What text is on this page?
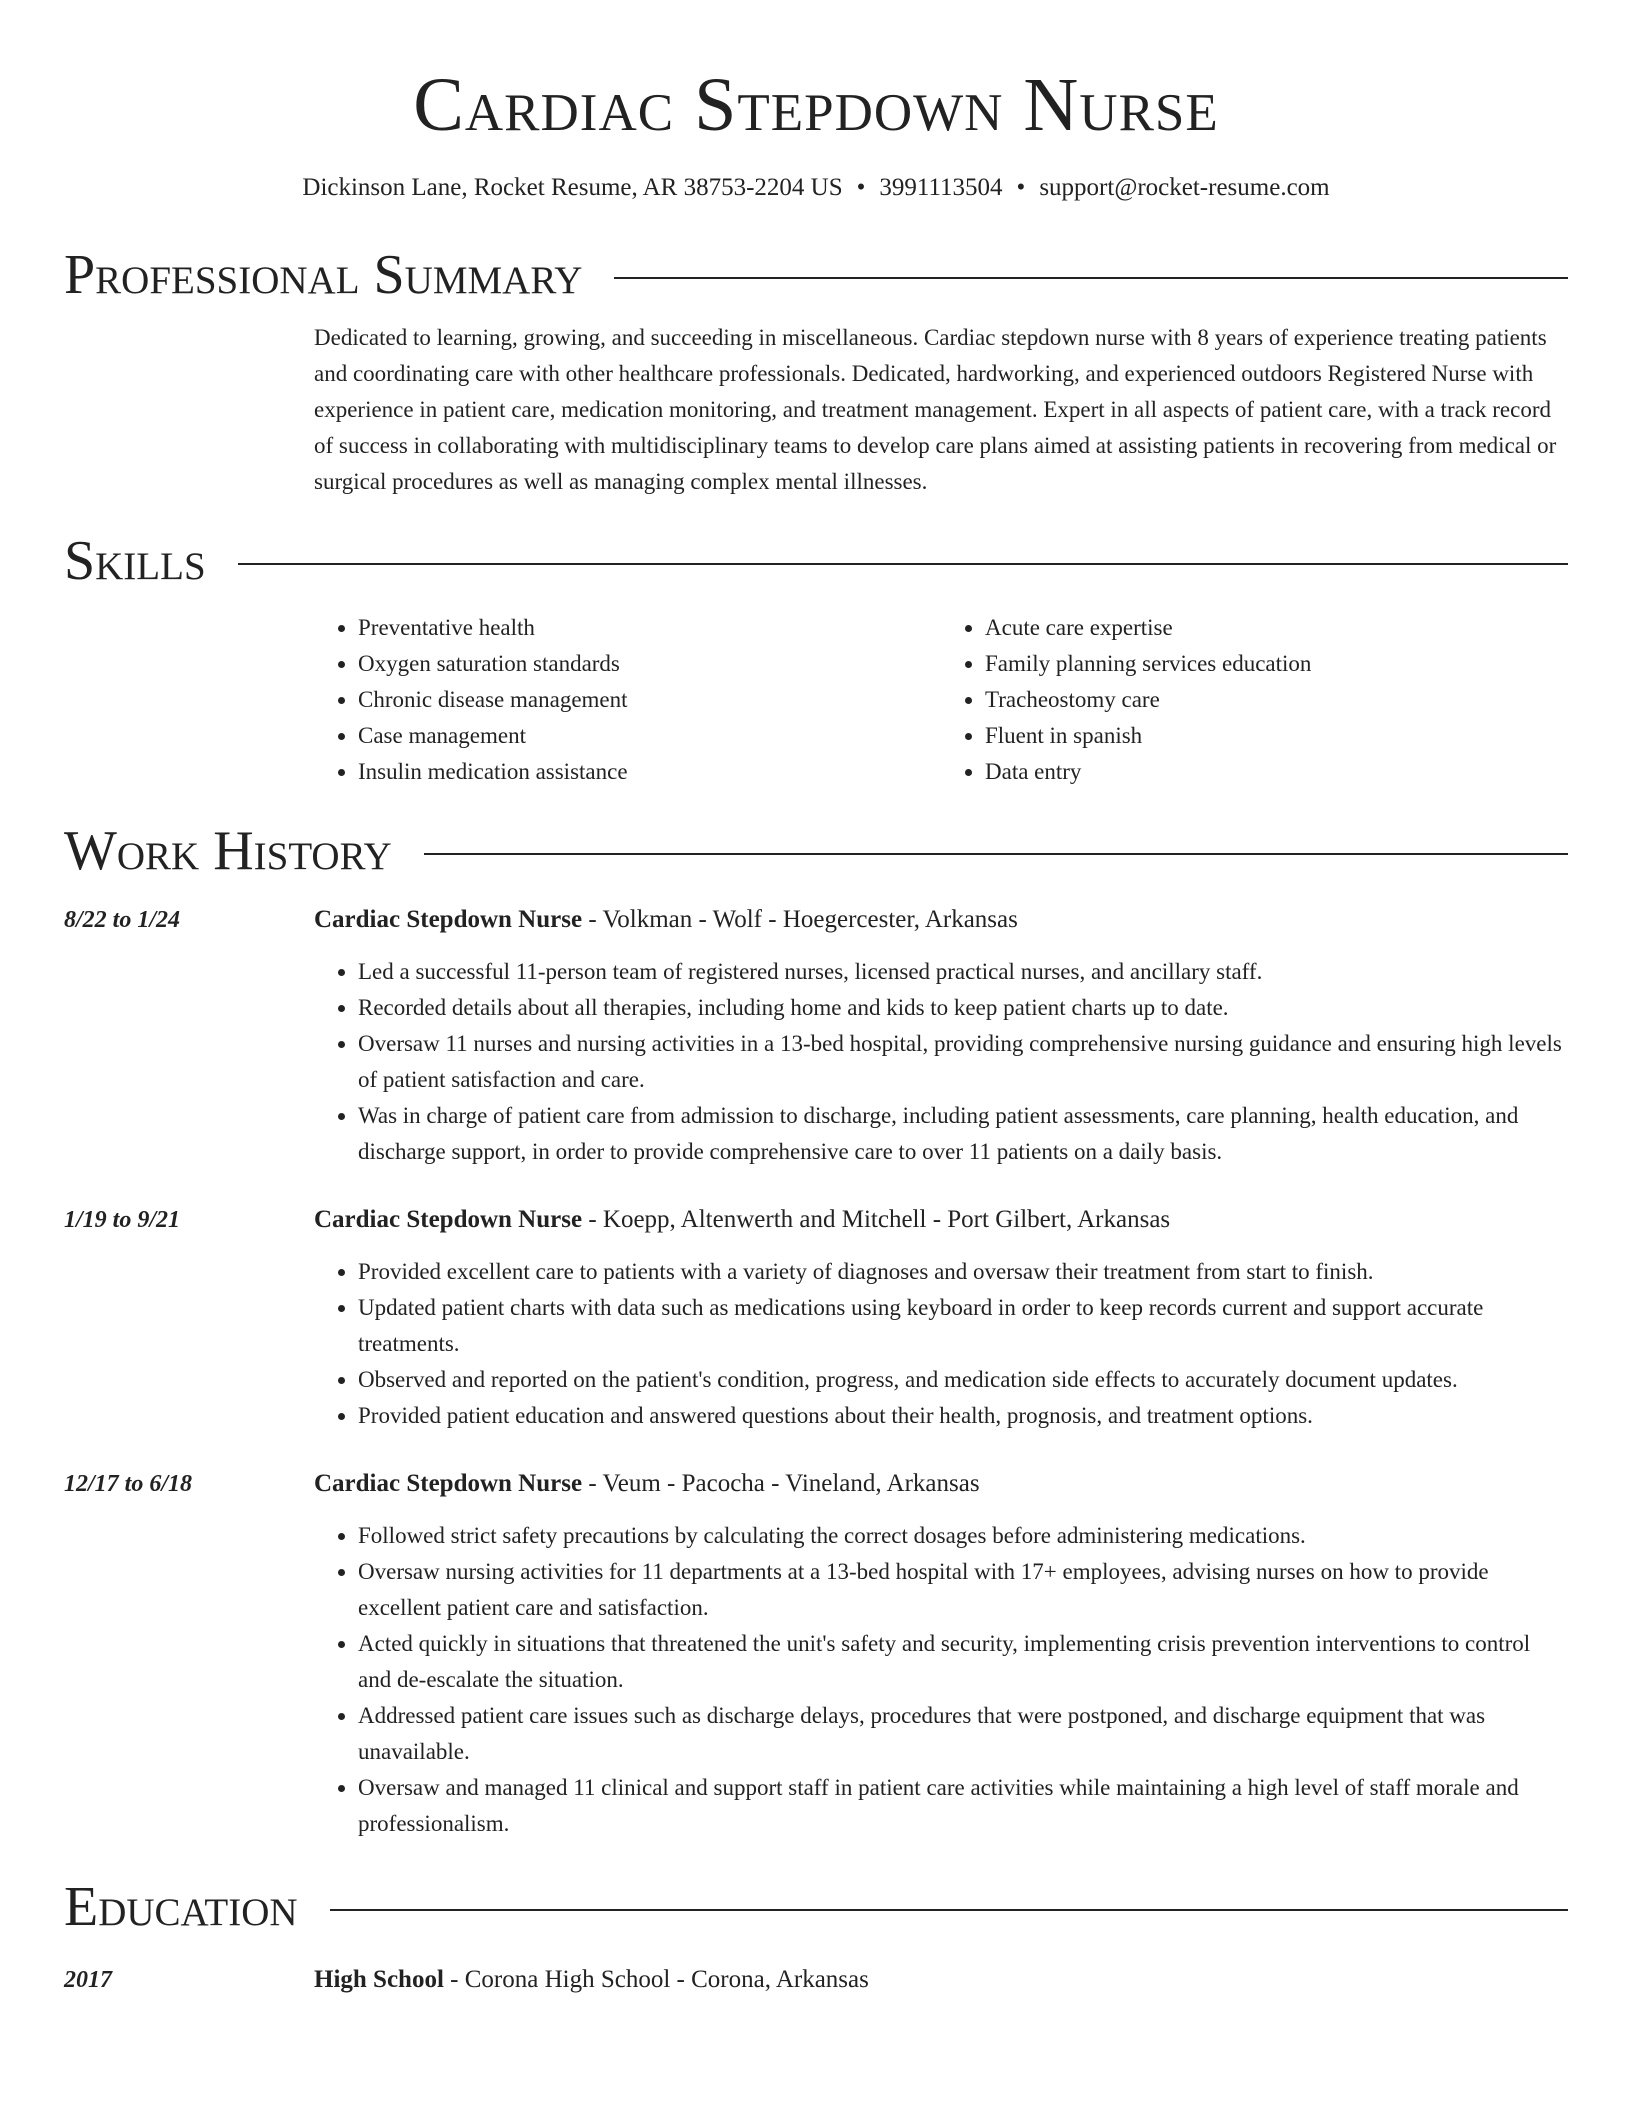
Cardiac Stepdown Nurse
Dickinson Lane, Rocket Resume, AR 38753-2204 US • 3991113504 • support@rocket-resume.com
Professional Summary
Dedicated to learning, growing, and succeeding in miscellaneous. Cardiac stepdown nurse with 8 years of experience treating patients and coordinating care with other healthcare professionals. Dedicated, hardworking, and experienced outdoors Registered Nurse with experience in patient care, medication monitoring, and treatment management. Expert in all aspects of patient care, with a track record of success in collaborating with multidisciplinary teams to develop care plans aimed at assisting patients in recovering from medical or surgical procedures as well as managing complex mental illnesses.
Skills
• Preventative health
• Oxygen saturation standards
• Chronic disease management
• Case management
• Insulin medication assistance
• Acute care expertise
• Family planning services education
• Tracheostomy care
• Fluent in spanish
• Data entry
Work History
8/22 to 1/24	Cardiac Stepdown Nurse - Volkman - Wolf - Hoegercester, Arkansas
• Led a successful 11-person team of registered nurses, licensed practical nurses, and ancillary staff.
• Recorded details about all therapies, including home and kids to keep patient charts up to date.
• Oversaw 11 nurses and nursing activities in a 13-bed hospital, providing comprehensive nursing guidance and ensuring high levels of patient satisfaction and care.
• Was in charge of patient care from admission to discharge, including patient assessments, care planning, health education, and discharge support, in order to provide comprehensive care to over 11 patients on a daily basis.
1/19 to 9/21	Cardiac Stepdown Nurse - Koepp, Altenwerth and Mitchell - Port Gilbert, Arkansas
• Provided excellent care to patients with a variety of diagnoses and oversaw their treatment from start to finish.
• Updated patient charts with data such as medications using keyboard in order to keep records current and support accurate treatments.
• Observed and reported on the patient's condition, progress, and medication side effects to accurately document updates.
• Provided patient education and answered questions about their health, prognosis, and treatment options.
12/17 to 6/18	Cardiac Stepdown Nurse - Veum - Pacocha - Vineland, Arkansas
• Followed strict safety precautions by calculating the correct dosages before administering medications.
• Oversaw nursing activities for 11 departments at a 13-bed hospital with 17+ employees, advising nurses on how to provide excellent patient care and satisfaction.
• Acted quickly in situations that threatened the unit's safety and security, implementing crisis prevention interventions to control and de-escalate the situation.
• Addressed patient care issues such as discharge delays, procedures that were postponed, and discharge equipment that was unavailable.
• Oversaw and managed 11 clinical and support staff in patient care activities while maintaining a high level of staff morale and professionalism.
Education
2017	High School - Corona High School - Corona, Arkansas
